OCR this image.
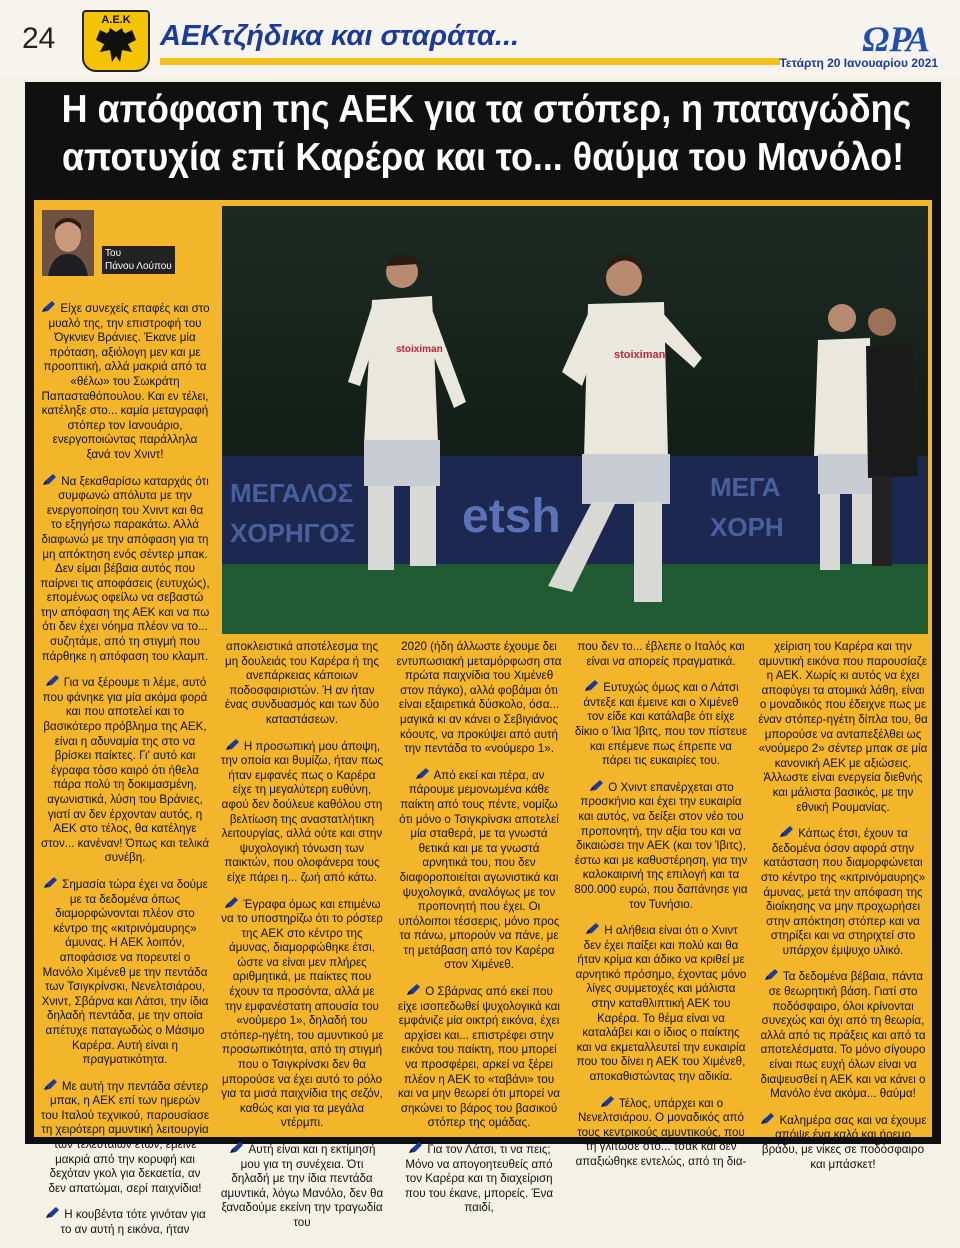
24
Α.Ε.Κ	ΑΕΚτζήδικα και σταράτα...	ΩΡΑ
Τετάρτη 20 Ιανουαρίου 2021
Η απόφαση της ΑΕΚ για τα στόπερ, η παταγώδης
αποτυχία επί Καρέρα και το... θαύμα του Μανόλο!
Του
Πάνου Λούπου
ΜΕΓΑΛΟΣ
ΧΟΡΗΓΟΣ etsh
ΜΕΓΑ
ΧΟΡΗ
stoiximan	stoiximan

Είχε συνεχείς επαφές και στο μυαλό της, την επιστροφή του Όγκνιεν Βράνιες. Έκανε μία πρόταση, αξιόλογη μεν και με προοπτική, αλλά μακριά από τα «θέλω» του Σωκράτη Παπασταθόπουλου. Και εν τέλει, κατέληξε στο... καμία μεταγραφή στόπερ τον Ιανουάριο, ενεργοποιώντας παράλληλα ξανά τον Χνιντ!

Να ξεκαθαρίσω καταρχάς ότι συμφωνώ απόλυτα με την ενεργοποίηση του Χνιντ και θα το εξηγήσω παρακάτω. Αλλά διαφωνώ με την απόφαση για τη μη απόκτηση ενός σέντερ μπακ. Δεν είμαι βέβαια αυτός που παίρνει τις αποφάσεις (ευτυχώς), επομένως οφείλω να σεβαστώ την απόφαση της ΑΕΚ και να πω ότι δεν έχει νόημα πλέον να το... συζητάμε, από τη στιγμή που πάρθηκε η απόφαση του κλαμπ.

Για να ξέρουμε τι λέμε, αυτό που φάνηκε για μία ακόμα φορά και που αποτελεί και το βασικότερο πρόβλημα της ΑΕΚ, είναι η αδυναμία της στο να βρίσκει παίκτες. Γι' αυτό και έγραφα τόσο καιρό ότι ήθελα πάρα πολύ τη δοκιμασμένη, αγωνιστικά, λύση του Βράνιες, γιατί αν δεν έρχονταν αυτός, η ΑΕΚ στο τέλος, θα κατέληγε στον... κανέναν! Όπως και τελικά συνέβη.

Σημασία τώρα έχει να δούμε με τα δεδομένα όπως διαμορφώνονται πλέον στο κέντρο της «κιτρινόμαυρης» άμυνας. Η ΑΕΚ λοιπόν, αποφάσισε να πορευτεί ο Μανόλο Χιμένεθ με την πεντάδα των Τσιγκρίνσκι, Νενελτσιάρου, Χνιντ, Σβάρνα και Λάτσι, την ίδια δηλαδή πεντάδα, με την οποία απέτυχε παταγωδώς ο Μάσιμο Καρέρα. Αυτή είναι η πραγματικότητα.

Με αυτή την πεντάδα σέντερ μπακ, η ΑΕΚ επί των ημερών του Ιταλού τεχνικού, παρουσίασε τη χειρότερη αμυντική λειτουργία των τελευταίων ετών, έμεινε μακριά από την κορυφή και δεχόταν γκολ για δεκαετία, αν δεν απατώμαι, σερί παιχνίδια!

Η κουβέντα τότε γινόταν για το αν αυτή η εικόνα, ήταν

αποκλειστικά αποτέλεσμα της μη δουλειάς του Καρέρα ή της ανεπάρκειας κάποιων ποδοσφαιριστών. Ή αν ήταν ένας συνδυασμός και των δύο καταστάσεων.

Η προσωπική μου άποψη, την οποία και θυμίζω, ήταν πως ήταν εμφανές πως ο Καρέρα είχε τη μεγαλύτερη ευθύνη, αφού δεν δούλευε καθόλου στη βελτίωση της αναστατλήτικη λειτουργίας, αλλά ούτε και στην ψυχολογική τόνωση των παικτών, που ολοφάνερα τους είχε πάρει η... ζωή από κάτω.

Έγραφα όμως και επιμένω να το υποστηρίζω ότι το ρόστερ της ΑΕΚ στο κέντρο της άμυνας, διαμορφώθηκε έτσι, ώστε να είναι μεν πλήρες αριθμητικά, με παίκτες που έχουν τα προσόντα, αλλά με την εμφανέστατη απουσία του «νούμερο 1», δηλαδή του στόπερ-ηγέτη, του αμυντικού με προσωπικότητα, από τη στιγμή που ο Τσιγκρίνσκι δεν θα μπορούσε να έχει αυτό το ρόλο για τα μισά παιχνίδια της σεζόν, καθώς και για τα μεγάλα ντέρμπι.

Αυτή είναι και η εκτίμησή μου για τη συνέχεια. Ότι δηλαδή με την ίδια πεντάδα αμυντικά, λόγω Μανόλο, δεν θα ξαναδούμε εκείνη την τραγωδία του

2020 (ήδη άλλωστε έχουμε δει εντυπωσιακή μεταμόρφωση στα πρώτα παιχνίδια του Χιμένεθ στον πάγκο), αλλά φοβάμαι ότι είναι εξαιρετικά δύσκολο, όσα... μαγικά κι αν κάνει ο Σεβιγιάνος κόουτς, να προκύψει από αυτή την πεντάδα το «νούμερο 1».

Από εκεί και πέρα, αν πάρουμε μεμονωμένα κάθε παίκτη από τους πέντε, νομίζω ότι μόνο ο Τσιγκρίνσκι αποτελεί μία σταθερά, με τα γνωστά θετικά και με τα γνωστά αρνητικά του, που δεν διαφοροποιείται αγωνιστικά και ψυχολογικά, αναλόγως με τον προπονητή που έχει. Οι υπόλοιποι τέσσερις, μόνο προς τα πάνω, μπορούν να πάνε, με τη μετάβαση από τον Καρέρα στον Χιμένεθ.

Ο Σβάρνας από εκεί που είχε ισοπεδωθεί ψυχολογικά και εμφάνιζε μία οικτρή εικόνα, έχει αρχίσει και... επιστρέφει στην εικόνα του παίκτη, που μπορεί να προσφέρει, αρκεί να ξέρει πλέον η ΑΕΚ το «ταβάνι» του και να μην θεωρεί ότι μπορεί να σηκώνει το βάρος του βασικού στόπερ της ομάδας.

Για τον Λάτσι, τι να πεις; Μόνο να απογοητευθείς από τον Καρέρα και τη διαχείριση που του έκανε, μπορείς. Ένα παιδί,

που δεν το... έβλεπε ο Ιταλός και είναι να απορείς πραγματικά.

Ευτυχώς όμως και ο Λάτσι άντεξε και έμεινε και ο Χιμένεθ τον είδε και κατάλαβε ότι είχε δίκιο ο Ίλια Ίβιτς, που τον πίστευε και επέμενε πως έπρεπε να πάρει τις ευκαιρίες του.

Ο Χνιντ επανέρχεται στο προσκήνιο και έχει την ευκαιρία και αυτός, να δείξει στον νέο του προπονητή, την αξία του και να δικαιώσει την ΑΕΚ (και τον Ίβιτς), έστω και με καθυστέρηση, για την καλοκαιρινή της επιλογή και τα 800.000 ευρώ, που δαπάνησε για τον Τυνήσιο.

Η αλήθεια είναι ότι ο Χνιντ δεν έχει παίξει και πολύ και θα ήταν κρίμα και άδικο να κριθεί με αρνητικό πρόσημο, έχοντας μόνο λίγες συμμετοχές και μάλιστα στην καταθλιπτική ΑΕΚ του Καρέρα. Το θέμα είναι να καταλάβει και ο ίδιος ο παίκτης και να εκμεταλλευτεί την ευκαιρία που του δίνει η ΑΕΚ του Χιμένεθ, αποκαθιστώντας την αδικία.

Τέλος, υπάρχει και ο Νενελτσιάρου. Ο μοναδικός από τους κεντρικούς αμυντικούς, που τη γλίτωσε στο... τσακ και δεν απαξιώθηκε εντελώς, από τη δια-

χείριση του Καρέρα και την αμυντική εικόνα που παρουσίαζε η ΑΕΚ. Χωρίς κι αυτός να έχει αποφύγει τα ατομικά λάθη, είναι ο μοναδικός που έδειχνε πως με έναν στόπερ-ηγέτη δίπλα του, θα μπορούσε να ανταπεξέλθει ως «νούμερο 2» σέντερ μπακ σε μία κανονική ΑΕΚ με αξιώσεις. Άλλωστε είναι ενεργεία διεθνής και μάλιστα βασικός, με την εθνική Ρουμανίας.

Κάπως έτσι, έχουν τα δεδομένα όσον αφορά στην κατάσταση που διαμορφώνεται στο κέντρο της «κιτρινόμαυρης» άμυνας, μετά την απόφαση της διοίκησης να μην προχωρήσει στην απόκτηση στόπερ και να στηρίξει και να στηριχτεί στο υπάρχον έμψυχο υλικό.

Τα δεδομένα βέβαια, πάντα σε θεωρητική βάση. Γιατί στο ποδόσφαιρο, όλοι κρίνονται συνεχώς και όχι από τη θεωρία, αλλά από τις πράξεις και από τα αποτελέσματα. Το μόνο σίγουρο είναι πως ευχή όλων είναι να διαψευσθεί η ΑΕΚ και να κάνει ο Μανόλο ένα ακόμα... θαύμα!

Καλημέρα σας και να έχουμε απόψε ένα καλό και ήρεμο βράδυ, με νίκες σε ποδόσφαιρο και μπάσκετ!
